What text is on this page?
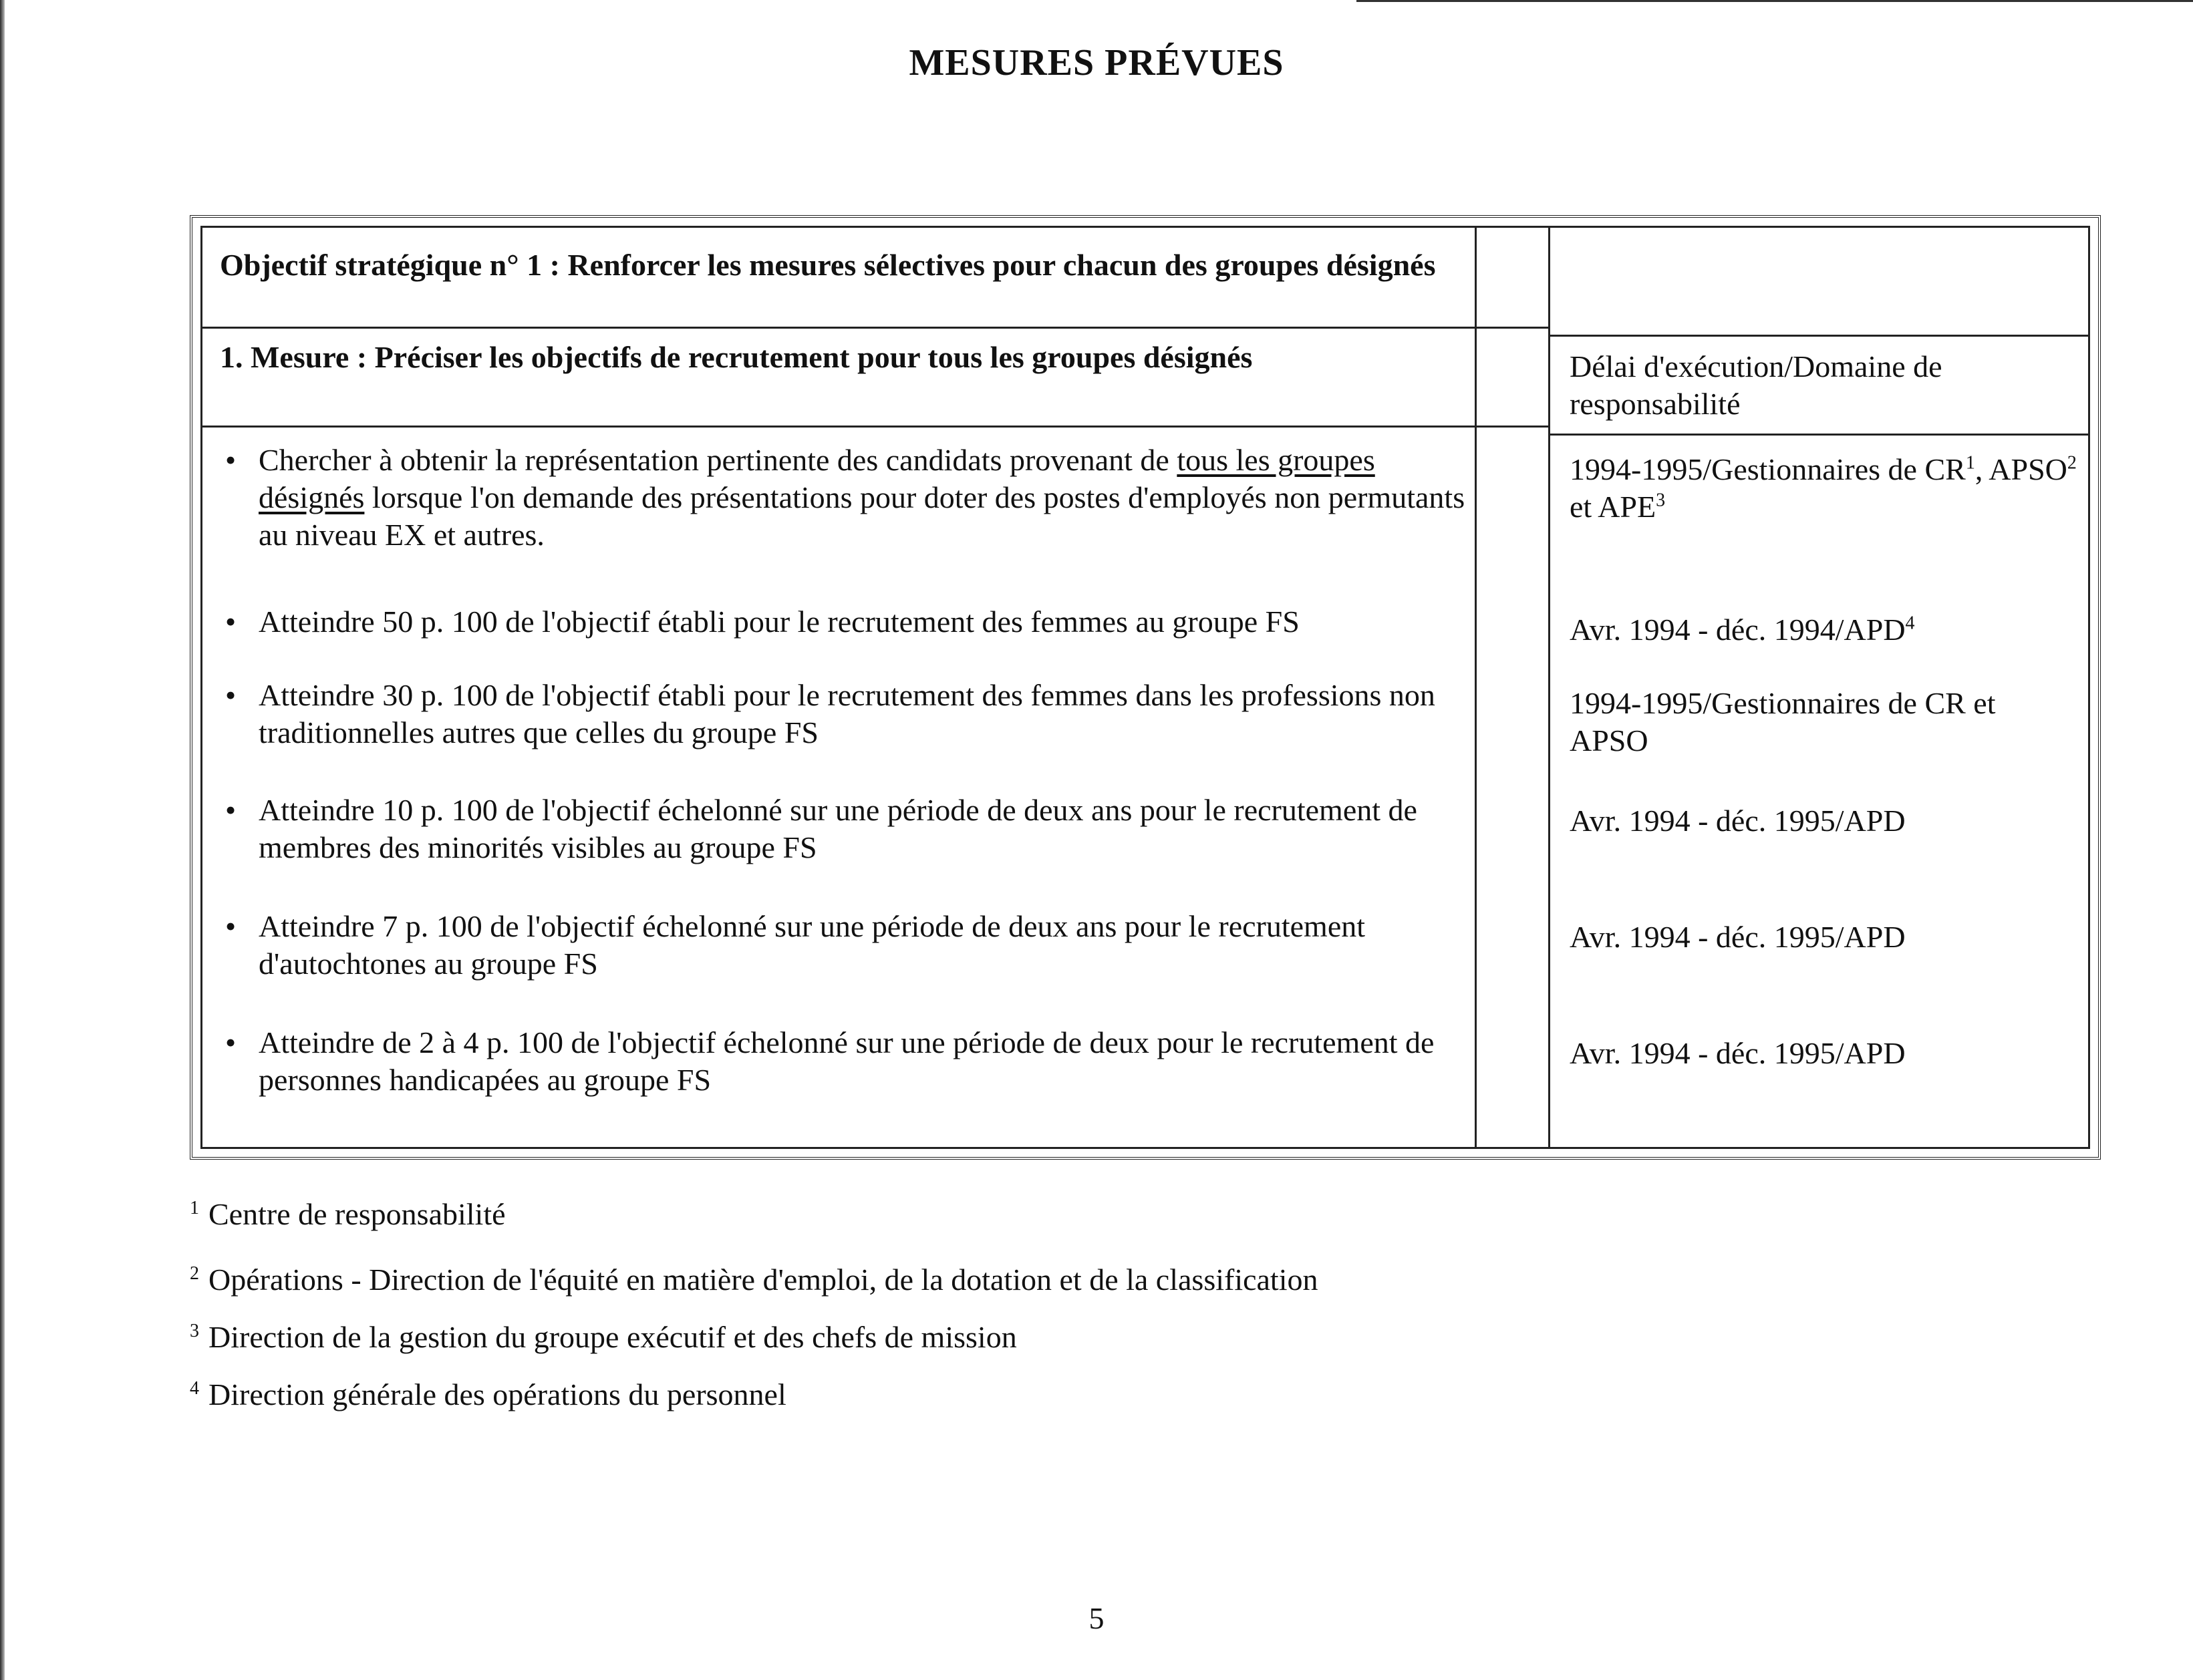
MESURES PRÉVUES
Objectif stratégique n° 1 : Renforcer les mesures sélectives pour chacun des groupes désignés
1. Mesure : Préciser les objectifs de recrutement pour tous les groupes désignés	Délai d'exécution/Domaine de responsabilité
• Chercher à obtenir la représentation pertinente des candidats provenant de tous les groupes désignés lorsque l'on demande des présentations pour doter des postes d'employés non permutants au niveau EX et autres.
1994-1995/Gestionnaires de $CR^1$, APSO$^2$ et APE$^3$
• Atteindre 50 p. 100 de l'objectif établi pour le recrutement des femmes au groupe FS	Avr. 1994 - déc. 1994/APD$^4$
• Atteindre 30 p. 100 de l'objectif établi pour le recrutement des femmes dans les professions non traditionnelles autres que celles du groupe FS
1994-1995/Gestionnaires de CR et APSO
• Atteindre 10 p. 100 de l'objectif échelonné sur une période de deux ans pour le recrutement de membres des minorités visibles au groupe FS
Avr. 1994 - déc. 1995/APD
• Atteindre 7 p. 100 de l'objectif échelonné sur une période de deux ans pour le recrutement d'autochtones au groupe FS
Avr. 1994 - déc. 1995/APD
• Atteindre de 2 à 4 p. 100 de l'objectif échelonné sur une période de deux pour le recrutement de personnes handicapées au groupe FS
Avr. 1994 - déc. 1995/APD
$^1$ Centre de responsabilité
$^2$ Opérations - Direction de l'équité en matière d'emploi, de la dotation et de la classification
$^3$ Direction de la gestion du groupe exécutif et des chefs de mission
$^4$ Direction générale des opérations du personnel
5
